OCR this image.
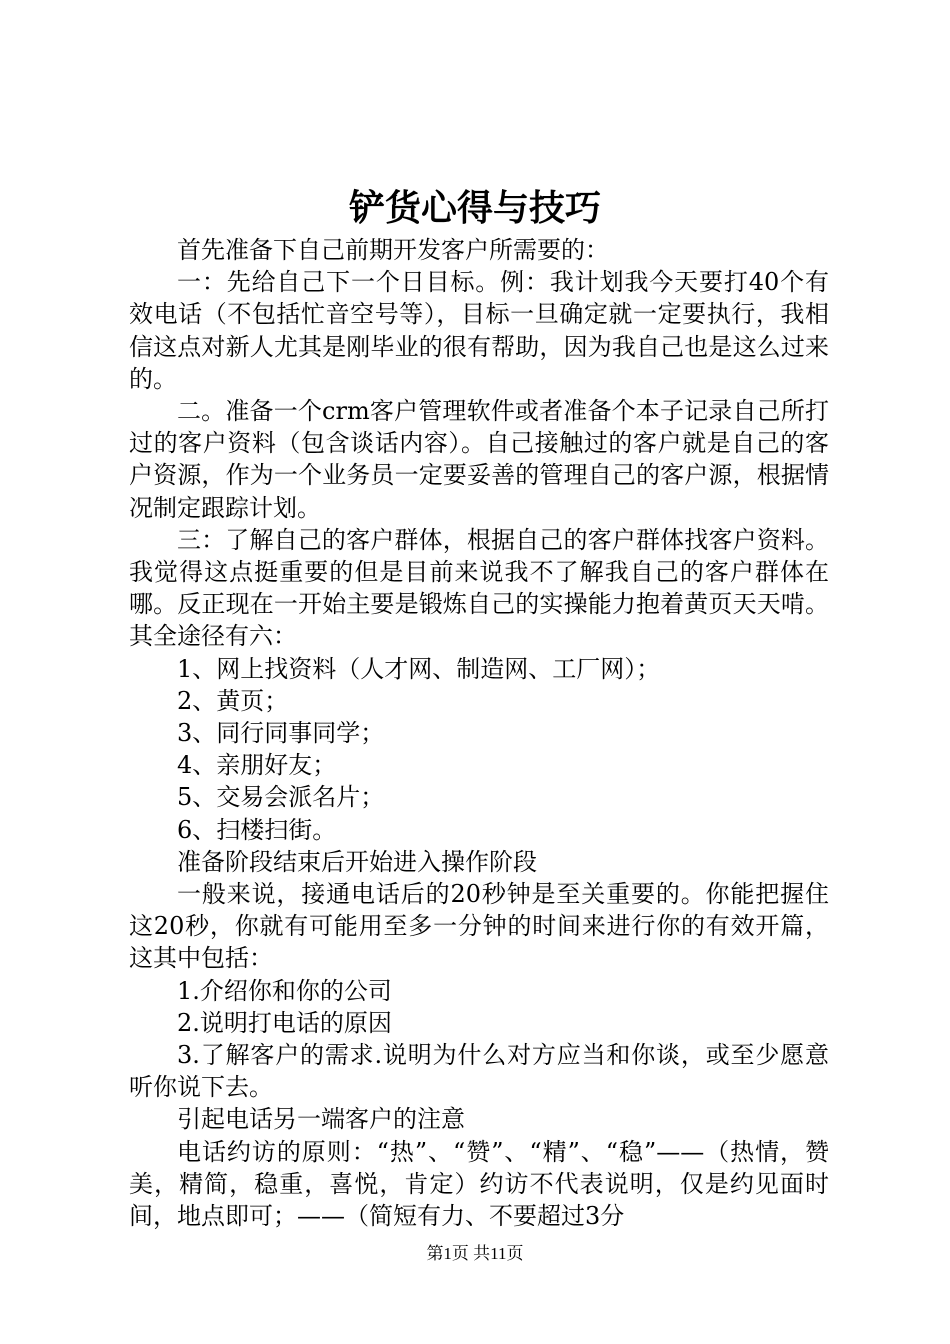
铲货心得与技巧

首先准备下自己前期开发客户所需要的：

一：先给自己下一个日目标。例：我计划我今天要打40个有效电话（不包括忙音空号等），目标一旦确定就一定要执行，我相信这点对新人尤其是刚毕业的很有帮助，因为我自己也是这么过来的。

二。准备一个crm客户管理软件或者准备个本子记录自己所打过的客户资料（包含谈话内容）。自己接触过的客户就是自己的客户资源，作为一个业务员一定要妥善的管理自己的客户源，根据情况制定跟踪计划。

三：了解自己的客户群体，根据自己的客户群体找客户资料。我觉得这点挺重要的但是目前来说我不了解我自己的客户群体在哪。反正现在一开始主要是锻炼自己的实操能力抱着黄页天天啃。其全途径有六：

1、网上找资料（人才网、制造网、工厂网）；

2、黄页；

3、同行同事同学；

4、亲朋好友；

5、交易会派名片；

6、扫楼扫街。

准备阶段结束后开始进入操作阶段

一般来说，接通电话后的20秒钟是至关重要的。你能把握住这20秒，你就有可能用至多一分钟的时间来进行你的有效开篇，这其中包括：

1.介绍你和你的公司

2.说明打电话的原因

3.了解客户的需求.说明为什么对方应当和你谈，或至少愿意听你说下去。

引起电话另一端客户的注意

电话约访的原则：“热”、“赞”、“精”、“稳”——（热情，赞美，精简，稳重，喜悦，肯定）约访不代表说明，仅是约见面时间，地点即可；——（简短有力、不要超过3分

第1页 共11页
